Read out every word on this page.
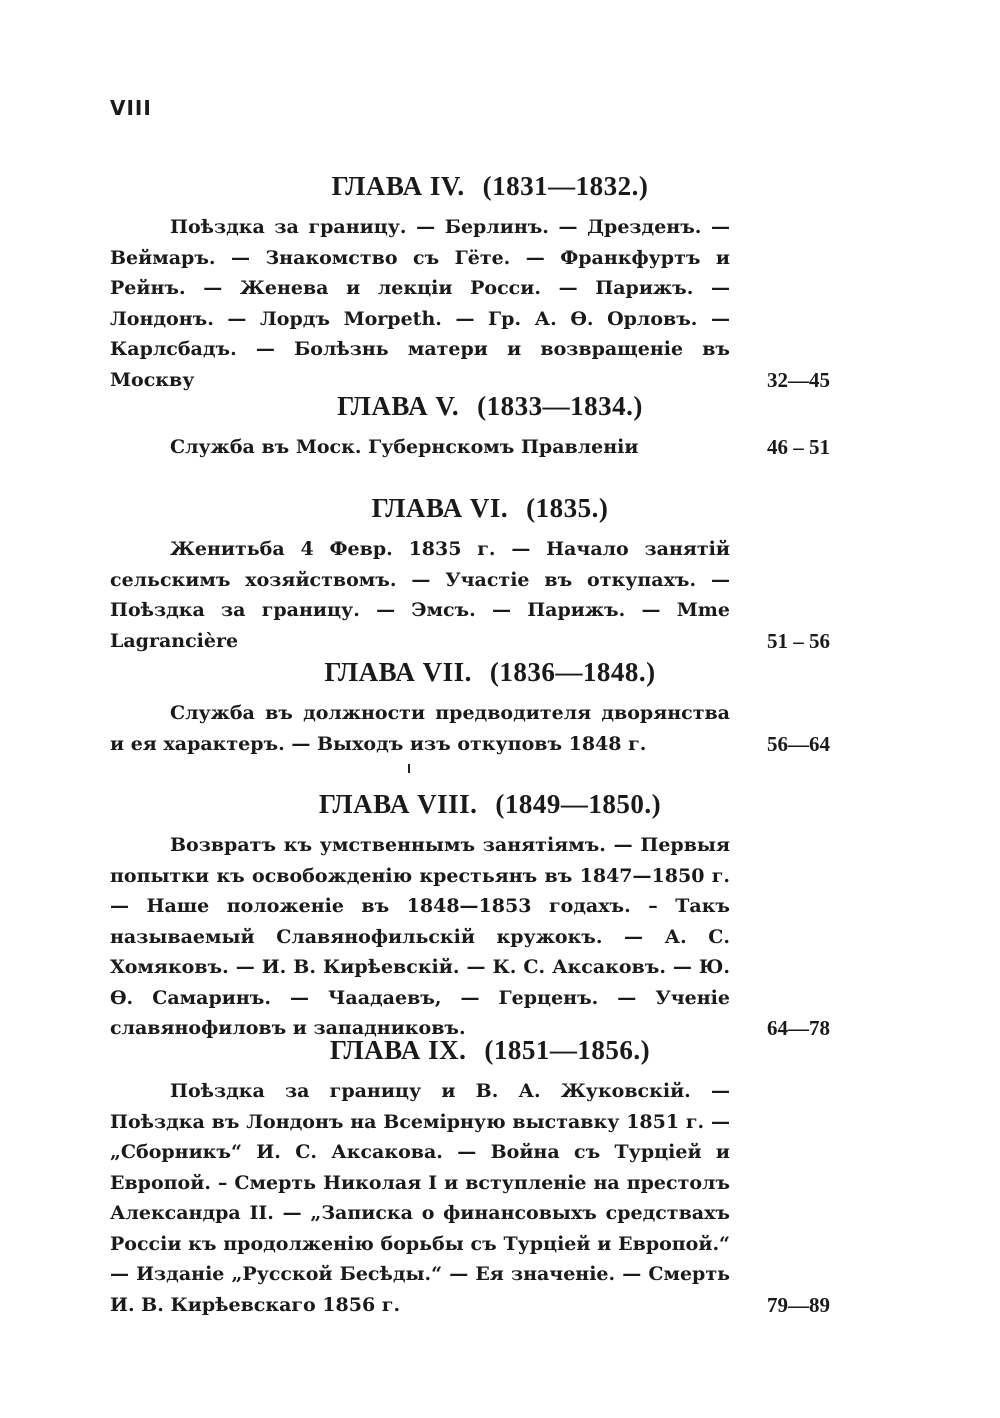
VIII
ГЛАВА IV. (1831—1832.)
Поѣздка за границу. — Берлинъ. — Дрезденъ. — Веймаръ. — Знакомство съ Гёте. — Франкфуртъ и Рейнъ. — Женева и лекціи Росси. — Парижъ. — Лондонъ. — Лордъ Morpeth. — Гр. А. Ѳ. Орловъ. — Карлсбадъ. — Болѣзнь матери и возвращеніе въ Москву	32—45
ГЛАВА V. (1833—1834.)
Служба въ Моск. Губернскомъ Правленіи	46 – 51
ГЛАВА VI. (1835.)
Женитьба 4 Февр. 1835 г. — Начало занятій сельскимъ хозяйствомъ. — Участіе въ откупахъ. — Поѣздка за границу. — Эмсъ. — Парижъ. — Mme Lagrancière	51 – 56
ГЛАВА VII. (1836—1848.)
Служба въ должности предводителя дворянства и ея характеръ. — Выходъ изъ откуповъ 1848 г.	56—64
ГЛАВА VIII. (1849—1850.)
Возвратъ къ умственнымъ занятіямъ. — Первыя попытки къ освобожденію крестьянъ въ 1847—1850 г. — Наше положеніе въ 1848—1853 годахъ. – Такъ называемый Славянофильскій кружокъ. — А. С. Хомяковъ. — И. В. Кирѣевскій. — К. С. Аксаковъ. — Ю. Ѳ. Самаринъ. — Чаадаевъ, — Герценъ. — Ученіе славянофиловъ и западниковъ.	64—78
ГЛАВА IX. (1851—1856.)
Поѣздка за границу и В. А. Жуковскій. — Поѣздка въ Лондонъ на Всемірную выставку 1851 г. — „Сборникъ“ И. С. Аксакова. — Война съ Турціей и Европой. – Смерть Николая I и вступленіе на престолъ Александра II. — „Записка о финансовыхъ средствахъ Россіи къ продолженію борьбы съ Турціей и Европой.“ — Изданіе „Русской Бесѣды.“ — Ея значеніе. — Смерть И. В. Кирѣевскаго 1856 г.	79—89
